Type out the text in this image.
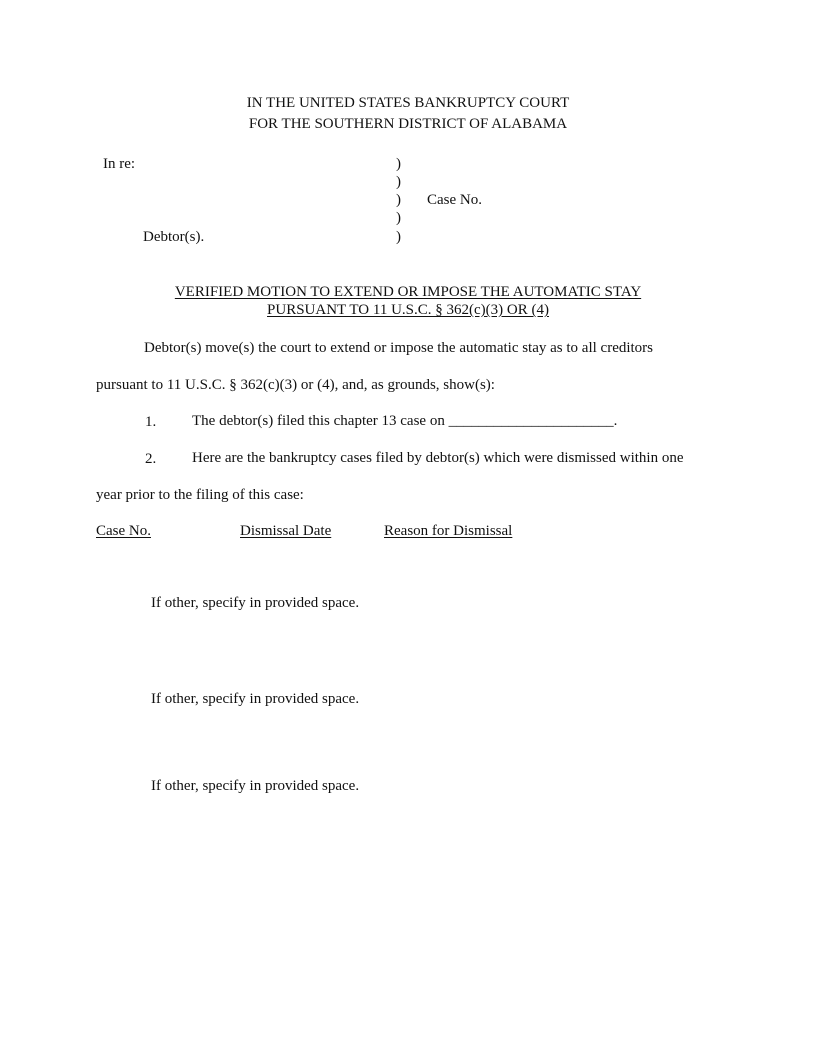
IN THE UNITED STATES BANKRUPTCY COURT
FOR THE SOUTHERN DISTRICT OF ALABAMA
In re:
Debtor(s).
)
)
)
)
)
Case No.
VERIFIED MOTION TO EXTEND OR IMPOSE THE AUTOMATIC STAY
PURSUANT TO 11 U.S.C. § 362(c)(3) OR (4)
Debtor(s) move(s) the court to extend or impose the automatic stay as to all creditors
pursuant to 11 U.S.C. § 362(c)(3) or (4), and, as grounds, show(s):
1. The debtor(s) filed this chapter 13 case on ______________________.
2. Here are the bankruptcy cases filed by debtor(s) which were dismissed within one
year prior to the filing of this case:
Case No.	Dismissal Date	Reason for Dismissal
If other, specify in provided space.
If other, specify in provided space.
If other, specify in provided space.
